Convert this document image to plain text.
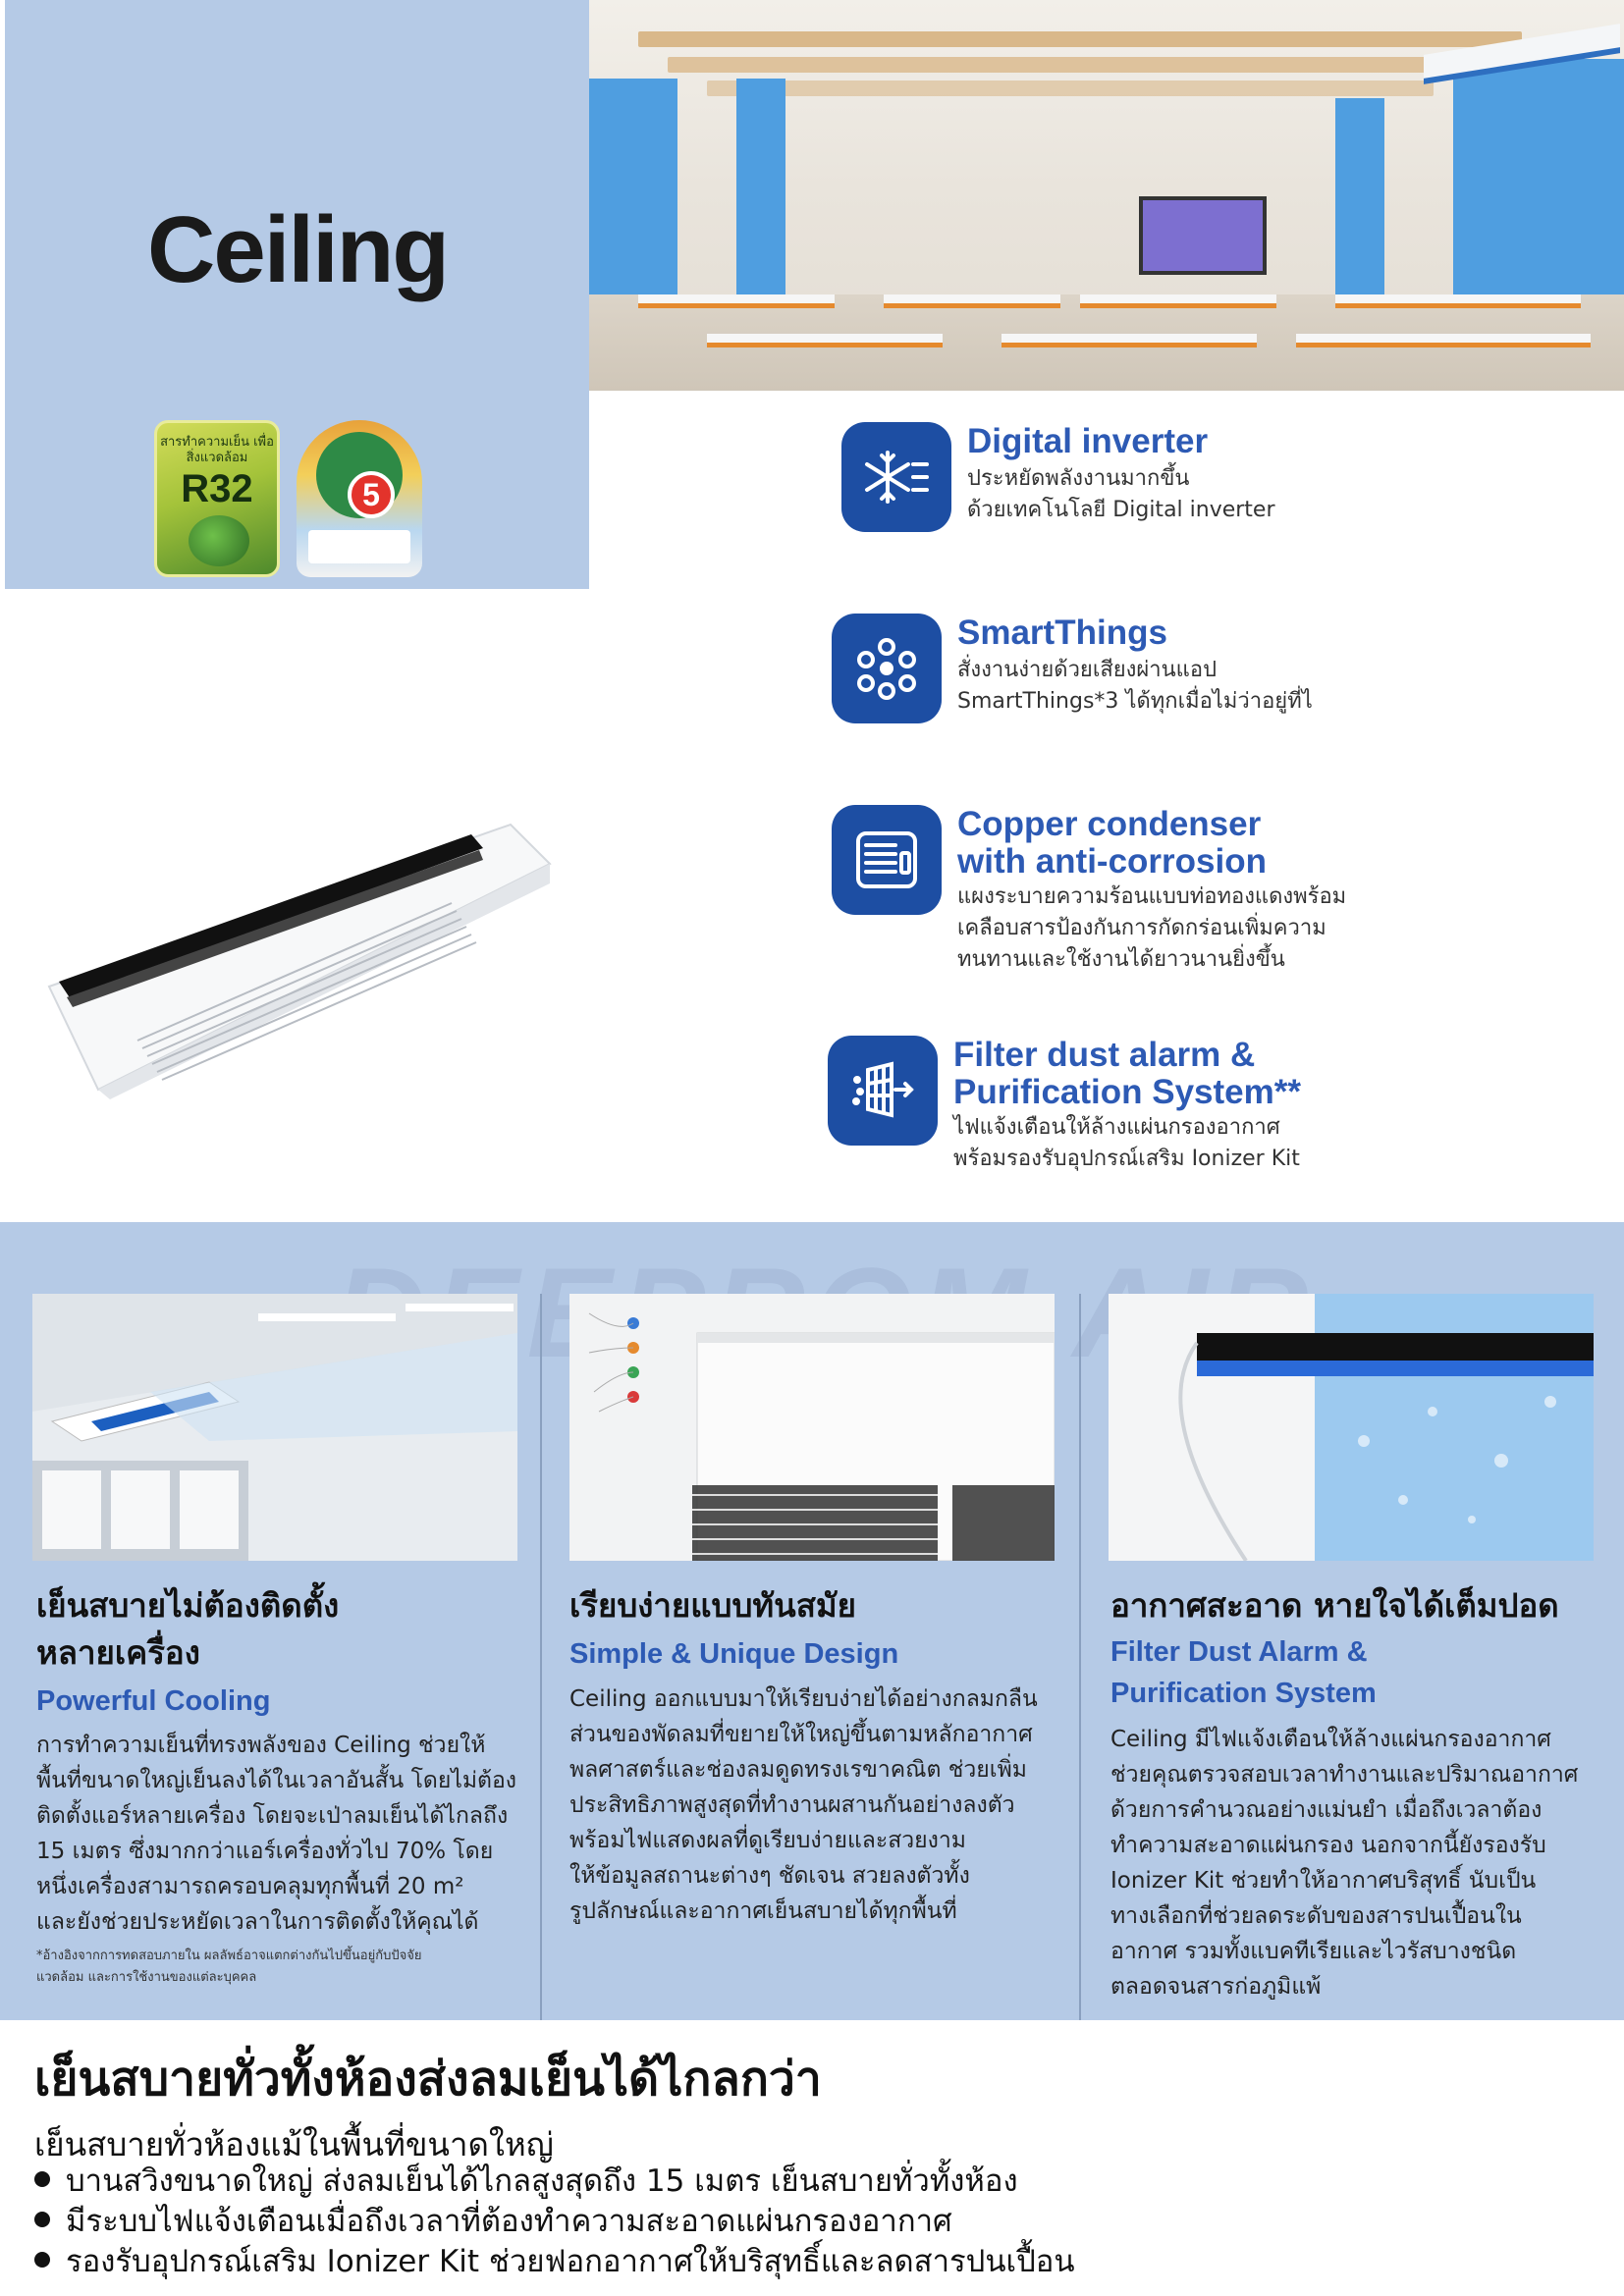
Ceiling
สารทำความเย็น เพื่อสิ่งแวดล้อม
R32	5
Digital inverter
ประหยัดพลังงานมากขึ้น
ด้วยเทคโนโลยี Digital inverter
SmartThings
สั่งงานง่ายด้วยเสียงผ่านแอป
SmartThings*3 ได้ทุกเมื่อไม่ว่าอยู่ที่ไ
Copper condenser
with anti-corrosion
แผงระบายความร้อนแบบท่อทองแดงพร้อม
เคลือบสารป้องกันการกัดกร่อนเพิ่มความ
ทนทานและใช้งานได้ยาวนานยิ่งขึ้น
Filter dust alarm &
Purification System**
ไฟแจ้งเตือนให้ล้างแผ่นกรองอากาศ
พร้อมรองรับอุปกรณ์เสริม Ionizer Kit
เย็นสบายไม่ต้องติดตั้ง
หลายเครื่อง
Powerful Cooling
การทำความเย็นที่ทรงพลังของ Ceiling ช่วยให้
พื้นที่ขนาดใหญ่เย็นลงได้ในเวลาอันสั้น โดยไม่ต้อง
ติดตั้งแอร์หลายเครื่อง โดยจะเป่าลมเย็นได้ไกลถึง
15 เมตร ซึ่งมากกว่าแอร์เครื่องทั่วไป 70% โดย
หนึ่งเครื่องสามารถครอบคลุมทุกพื้นที่ 20 m²
และยังช่วยประหยัดเวลาในการติดตั้งให้คุณได้
*อ้างอิงจากการทดสอบภายใน ผลลัพธ์อาจแตกต่างกันไปขึ้นอยู่กับปัจจัย
แวดล้อม และการใช้งานของแต่ละบุคคล
เรียบง่ายแบบทันสมัย
Simple & Unique Design
Ceiling ออกแบบมาให้เรียบง่ายได้อย่างกลมกลืน
ส่วนของพัดลมที่ขยายให้ใหญ่ขึ้นตามหลักอากาศ
พลศาสตร์และช่องลมดูดทรงเรขาคณิต ช่วยเพิ่ม
ประสิทธิภาพสูงสุดที่ทำงานผสานกันอย่างลงตัว
พร้อมไฟแสดงผลที่ดูเรียบง่ายและสวยงาม
ให้ข้อมูลสถานะต่างๆ ชัดเจน สวยลงตัวทั้ง
รูปลักษณ์และอากาศเย็นสบายได้ทุกพื้นที่
อากาศสะอาด หายใจได้เต็มปอด
Filter Dust Alarm &
Purification System
Ceiling มีไฟแจ้งเตือนให้ล้างแผ่นกรองอากาศ
ช่วยคุณตรวจสอบเวลาทำงานและปริมาณอากาศ
ด้วยการคำนวณอย่างแม่นยำ เมื่อถึงเวลาต้อง
ทำความสะอาดแผ่นกรอง นอกจากนี้ยังรองรับ
Ionizer Kit ช่วยทำให้อากาศบริสุทธิ์ นับเป็น
ทางเลือกที่ช่วยลดระดับของสารปนเปื้อนใน
อากาศ รวมทั้งแบคทีเรียและไวรัสบางชนิด
ตลอดจนสารก่อภูมิแพ้
เย็นสบายทั่วทั้งห้องส่งลมเย็นได้ไกลกว่า
เย็นสบายทั่วห้องแม้ในพื้นที่ขนาดใหญ่
บานสวิงขนาดใหญ่ ส่งลมเย็นได้ไกลสูงสุดถึง 15 เมตร เย็นสบายทั่วทั้งห้อง
มีระบบไฟแจ้งเตือนเมื่อถึงเวลาที่ต้องทำความสะอาดแผ่นกรองอากาศ
รองรับอุปกรณ์เสริม Ionizer Kit ช่วยฟอกอากาศให้บริสุทธิ์และลดสารปนเปื้อน
